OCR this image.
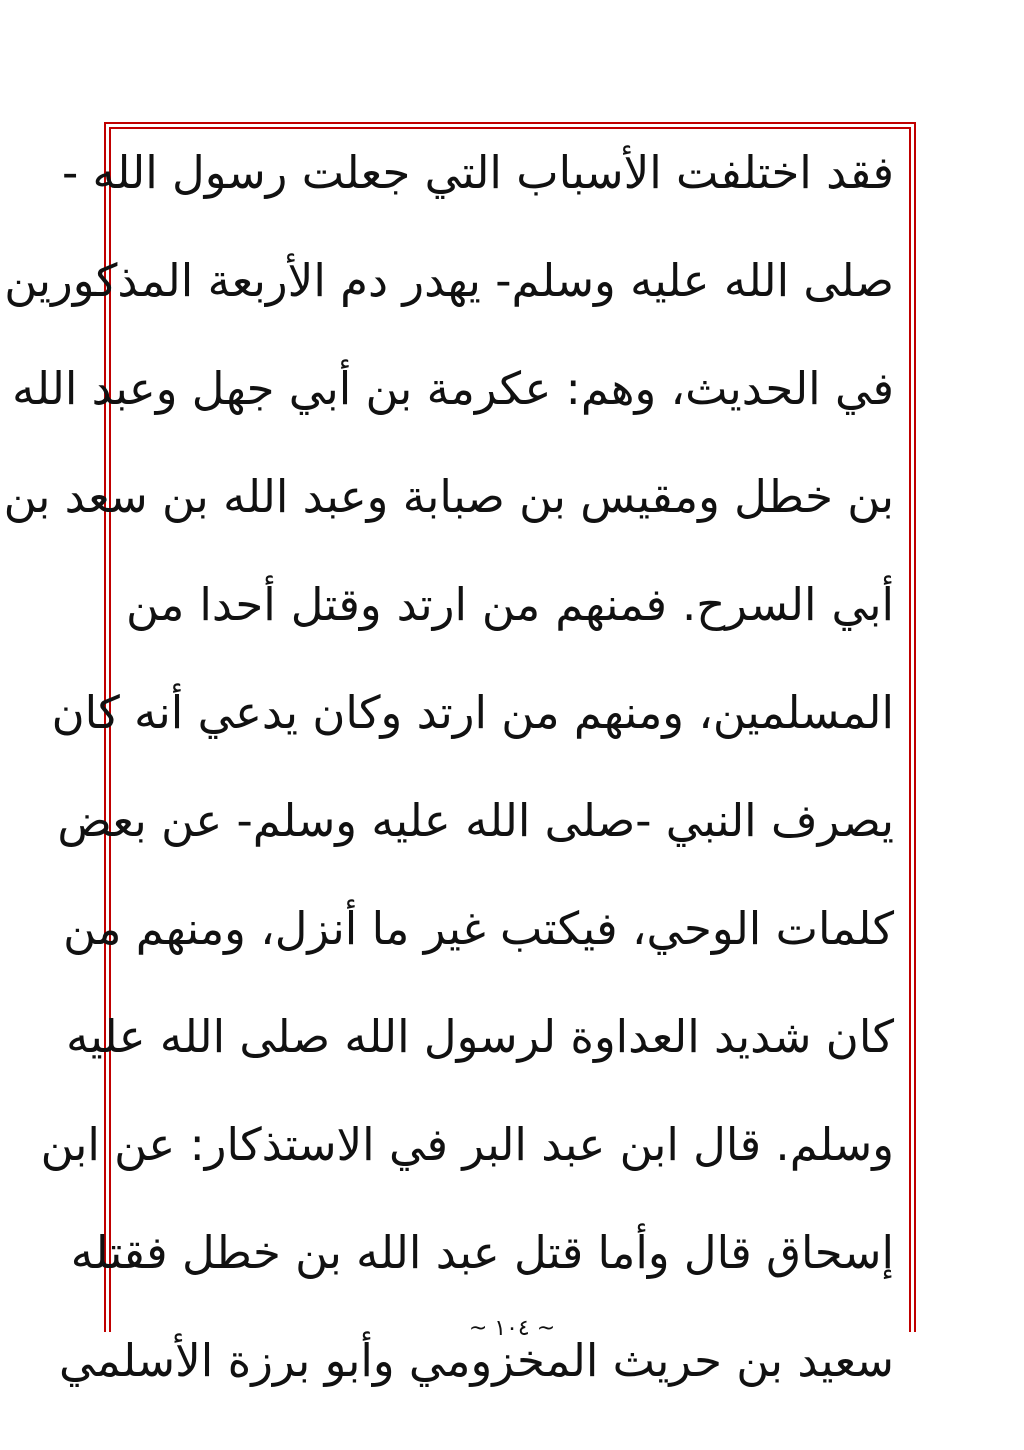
فقد اختلفت الأسباب التي جعلت رسول الله -
صلى الله عليه وسلم- يهدر دم الأربعة المذكورين
في الحديث، وهم: عكرمة بن أبي جهل وعبد الله
بن خطل ومقيس بن صبابة وعبد الله بن سعد بن
أبي السرح. فمنهم من ارتد وقتل أحدا من
المسلمين، ومنهم من ارتد وكان يدعي أنه كان
يصرف النبي -صلى الله عليه وسلم- عن بعض
كلمات الوحي، فيكتب غير ما أنزل، ومنهم من
كان شديد العداوة لرسول الله صلى الله عليه
وسلم. قال ابن عبد البر في الاستذكار: عن ابن
إسحاق قال وأما قتل عبد الله بن خطل فقتله
سعيد بن حريث المخزومي وأبو برزة الأسلمي
~ ١٠٤ ~
